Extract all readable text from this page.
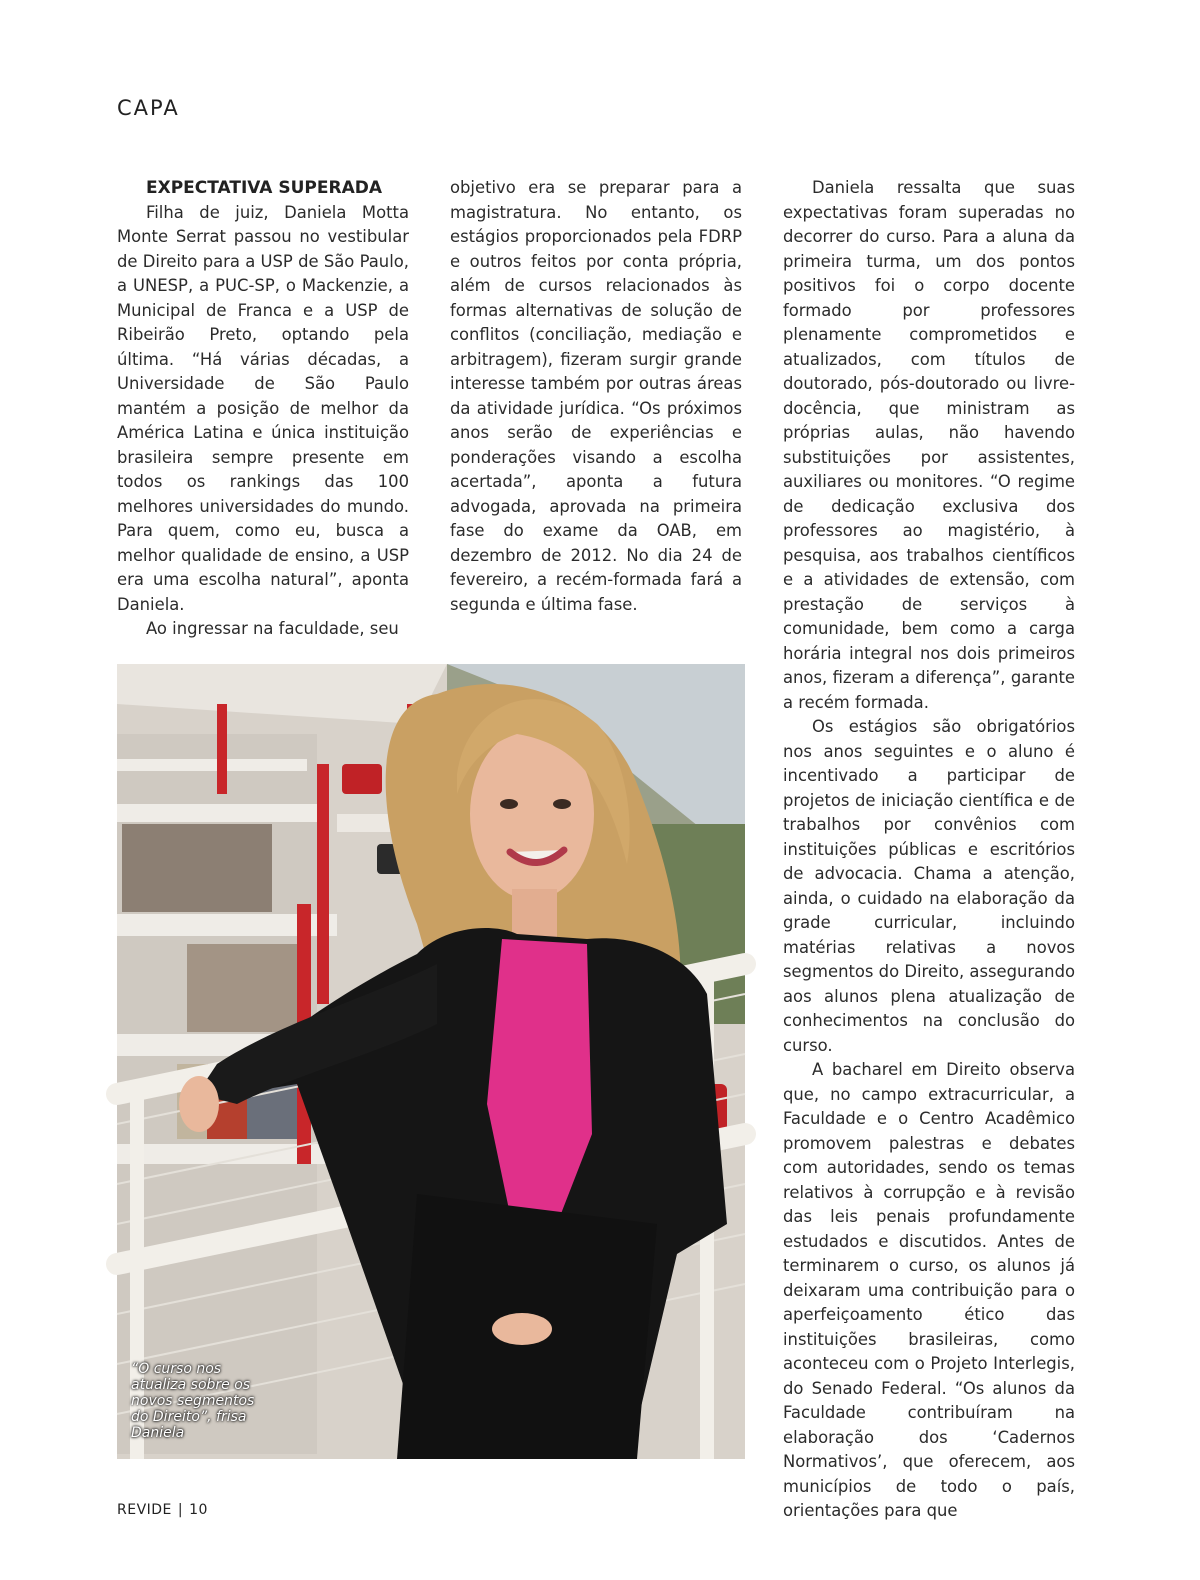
CAPA
EXPECTATIVA SUPERADA

Filha de juiz, Daniela Motta Monte Serrat passou no vestibular de Direito para a USP de São Paulo, a UNESP, a PUC-SP, o Mackenzie, a Municipal de Franca e a USP de Ribeirão Preto, optando pela última. “Há várias décadas, a Universidade de São Paulo mantém a posição de melhor da América Latina e única instituição brasileira sempre presente em todos os rankings das 100 melhores universidades do mundo. Para quem, como eu, busca a melhor qualidade de ensino, a USP era uma escolha natural”, aponta Daniela.

Ao ingressar na faculdade, seu

objetivo era se preparar para a magistratura. No entanto, os estágios proporcionados pela FDRP e outros feitos por conta própria, além de cursos relacionados às formas alternativas de solução de conflitos (conciliação, mediação e arbitragem), fizeram surgir grande interesse também por outras áreas da atividade jurídica. “Os próximos anos serão de experiências e ponderações visando a escolha acertada”, aponta a futura advogada, aprovada na primeira fase do exame da OAB, em dezembro de 2012. No dia 24 de fevereiro, a recém-formada fará a segunda e última fase.

Daniela ressalta que suas expectativas foram superadas no decorrer do curso. Para a aluna da primeira turma, um dos pontos positivos foi o corpo docente formado por professores plenamente comprometidos e atualizados, com títulos de doutorado, pós-doutorado ou livre-docência, que ministram as próprias aulas, não havendo substituições por assistentes, auxiliares ou monitores. “O regime de dedicação exclusiva dos professores ao magistério, à pesquisa, aos trabalhos científicos e a atividades de extensão, com prestação de serviços à comunidade, bem como a carga horária integral nos dois primeiros anos, fizeram a diferença”, garante a recém formada.

Os estágios são obrigatórios nos anos seguintes e o aluno é incentivado a participar de projetos de iniciação científica e de trabalhos por convênios com instituições públicas e escritórios de advocacia. Chama a atenção, ainda, o cuidado na elaboração da grade curricular, incluindo matérias relativas a novos segmentos do Direito, assegurando aos alunos plena atualização de conhecimentos na conclusão do curso.

A bacharel em Direito observa que, no campo extracurricular, a Faculdade e o Centro Acadêmico promovem palestras e debates com autoridades, sendo os temas relativos à corrupção e à revisão das leis penais profundamente estudados e discutidos. Antes de terminarem o curso, os alunos já deixaram uma contribuição para o aperfeiçoamento ético das instituições brasileiras, como aconteceu com o Projeto Interlegis, do Senado Federal. “Os alunos da Faculdade contribuíram na elaboração dos ‘Cadernos Normativos’, que oferecem, aos municípios de todo o país, orientações para que

“O curso nos atualiza sobre os novos segmentos do Direito”, frisa Daniela
REVIDE | 10
